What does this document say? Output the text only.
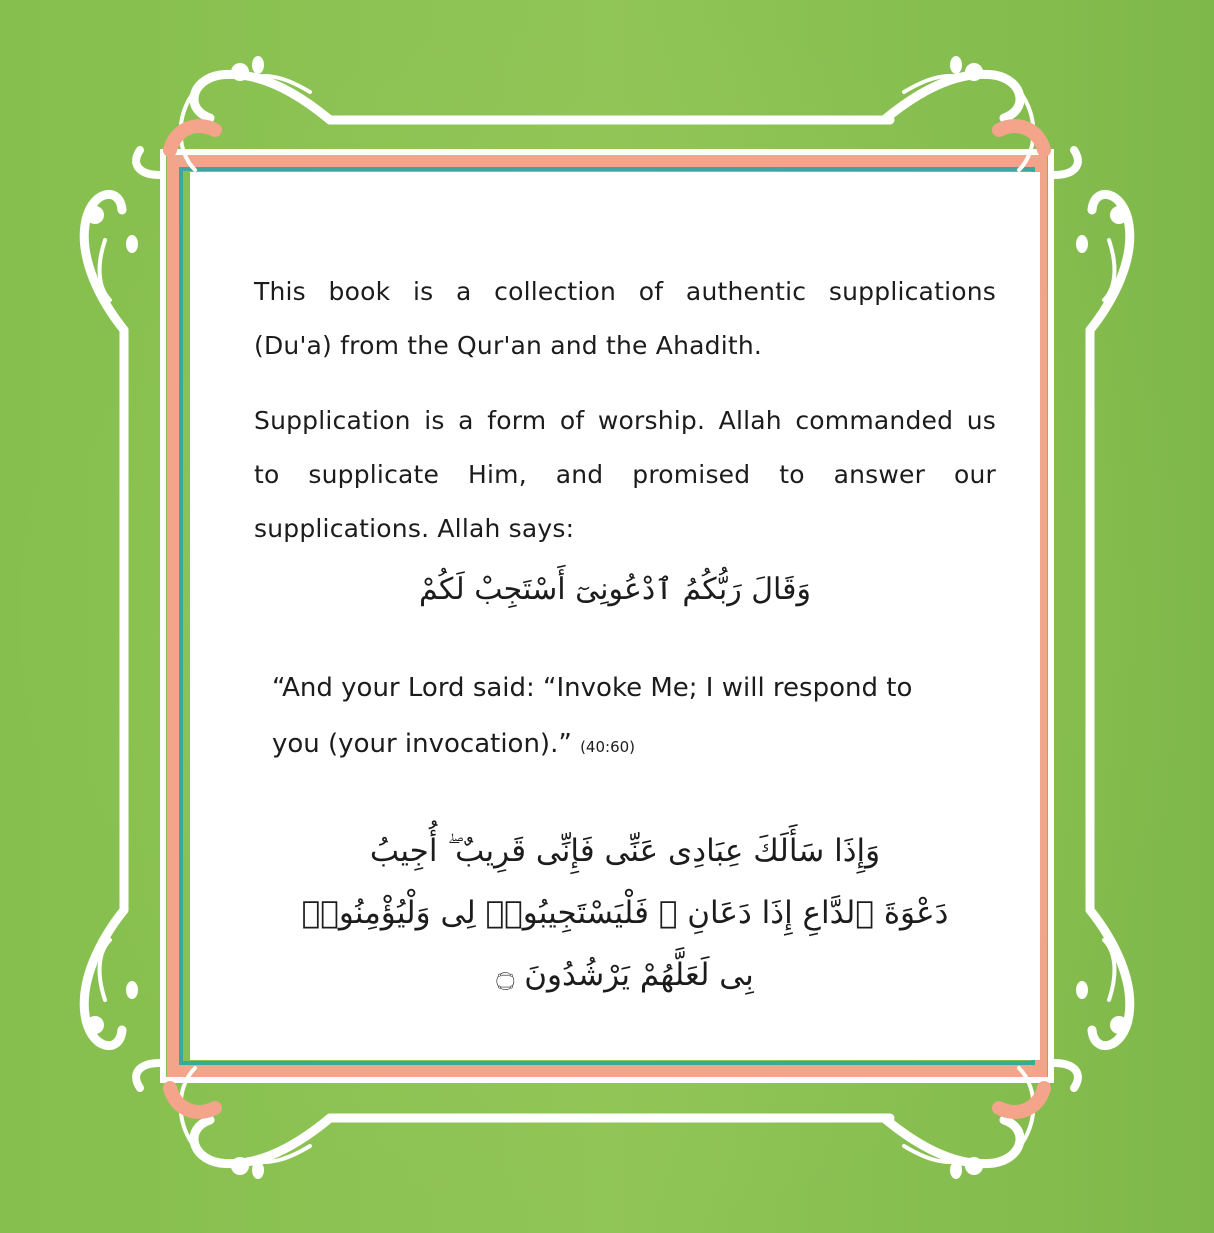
This book is a collection of authentic supplications
(Du'a) from the Qur'an and the Ahadith.
Supplication is a form of worship. Allah commanded us
to supplicate Him, and promised to answer our
supplications. Allah says:
وَقَالَ رَبُّكُمُ ٱدْعُونِىٓ أَسْتَجِبْ لَكُمْ
“And your Lord said: “Invoke Me; I will respond to
you (your invocation).” (40:60)
وَإِذَا سَأَلَكَ عِبَادِى عَنِّى فَإِنِّى قَرِيبٌ ۖ أُجِيبُ
دَعْوَةَ ٱلدَّاعِ إِذَا دَعَانِ ۖ فَلْيَسْتَجِيبُوا۟ لِى وَلْيُؤْمِنُوا۟
بِى لَعَلَّهُمْ يَرْشُدُونَ ۝
